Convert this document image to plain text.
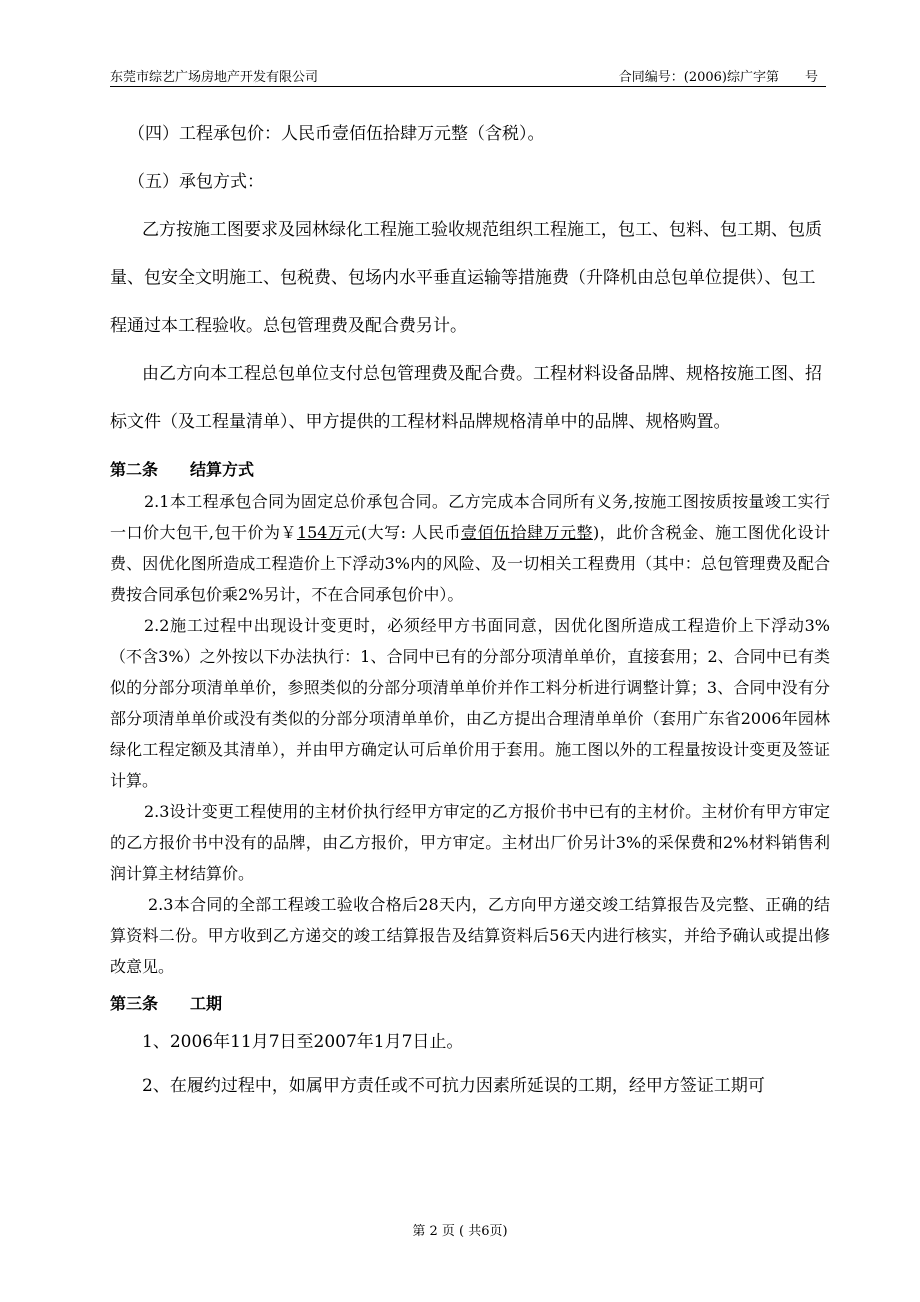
东莞市综艺广场房地产开发有限公司	合同编号：(2006)综广字第　　号

（四）工程承包价：人民币壹佰伍拾肆万元整（含税）。

（五）承包方式：

乙方按施工图要求及园林绿化工程施工验收规范组织工程施工，包工、包料、包工期、包质量、包安全文明施工、包税费、包场内水平垂直运输等措施费（升降机由总包单位提供）、包工程通过本工程验收。总包管理费及配合费另计。

由乙方向本工程总包单位支付总包管理费及配合费。工程材料设备品牌、规格按施工图、招标文件（及工程量清单）、甲方提供的工程材料品牌规格清单中的品牌、规格购置。

第二条　　结算方式

2.1本工程承包合同为固定总价承包合同。乙方完成本合同所有义务,按施工图按质按量竣工实行一口价大包干,包干价为￥154万元(大写: 人民币壹佰伍拾肆万元整)，此价含税金、施工图优化设计费、因优化图所造成工程造价上下浮动3%内的风险、及一切相关工程费用（其中：总包管理费及配合费按合同承包价乘2%另计，不在合同承包价中）。

2.2施工过程中出现设计变更时，必须经甲方书面同意，因优化图所造成工程造价上下浮动3%（不含3%）之外按以下办法执行：1、合同中已有的分部分项清单单价，直接套用；2、合同中已有类似的分部分项清单单价，参照类似的分部分项清单单价并作工料分析进行调整计算；3、合同中没有分部分项清单单价或没有类似的分部分项清单单价，由乙方提出合理清单单价（套用广东省2006年园林绿化工程定额及其清单），并由甲方确定认可后单价用于套用。施工图以外的工程量按设计变更及签证计算。

2.3设计变更工程使用的主材价执行经甲方审定的乙方报价书中已有的主材价。主材价有甲方审定的乙方报价书中没有的品牌，由乙方报价，甲方审定。主材出厂价另计3%的采保费和2%材料销售利润计算主材结算价。

2.3本合同的全部工程竣工验收合格后28天内，乙方向甲方递交竣工结算报告及完整、正确的结算资料二份。甲方收到乙方递交的竣工结算报告及结算资料后56天内进行核实，并给予确认或提出修改意见。

第三条　　工期

1、2006年11月7日至2007年1月7日止。

2、在履约过程中，如属甲方责任或不可抗力因素所延误的工期，经甲方签证工期可

第 2 页 ( 共6页)
